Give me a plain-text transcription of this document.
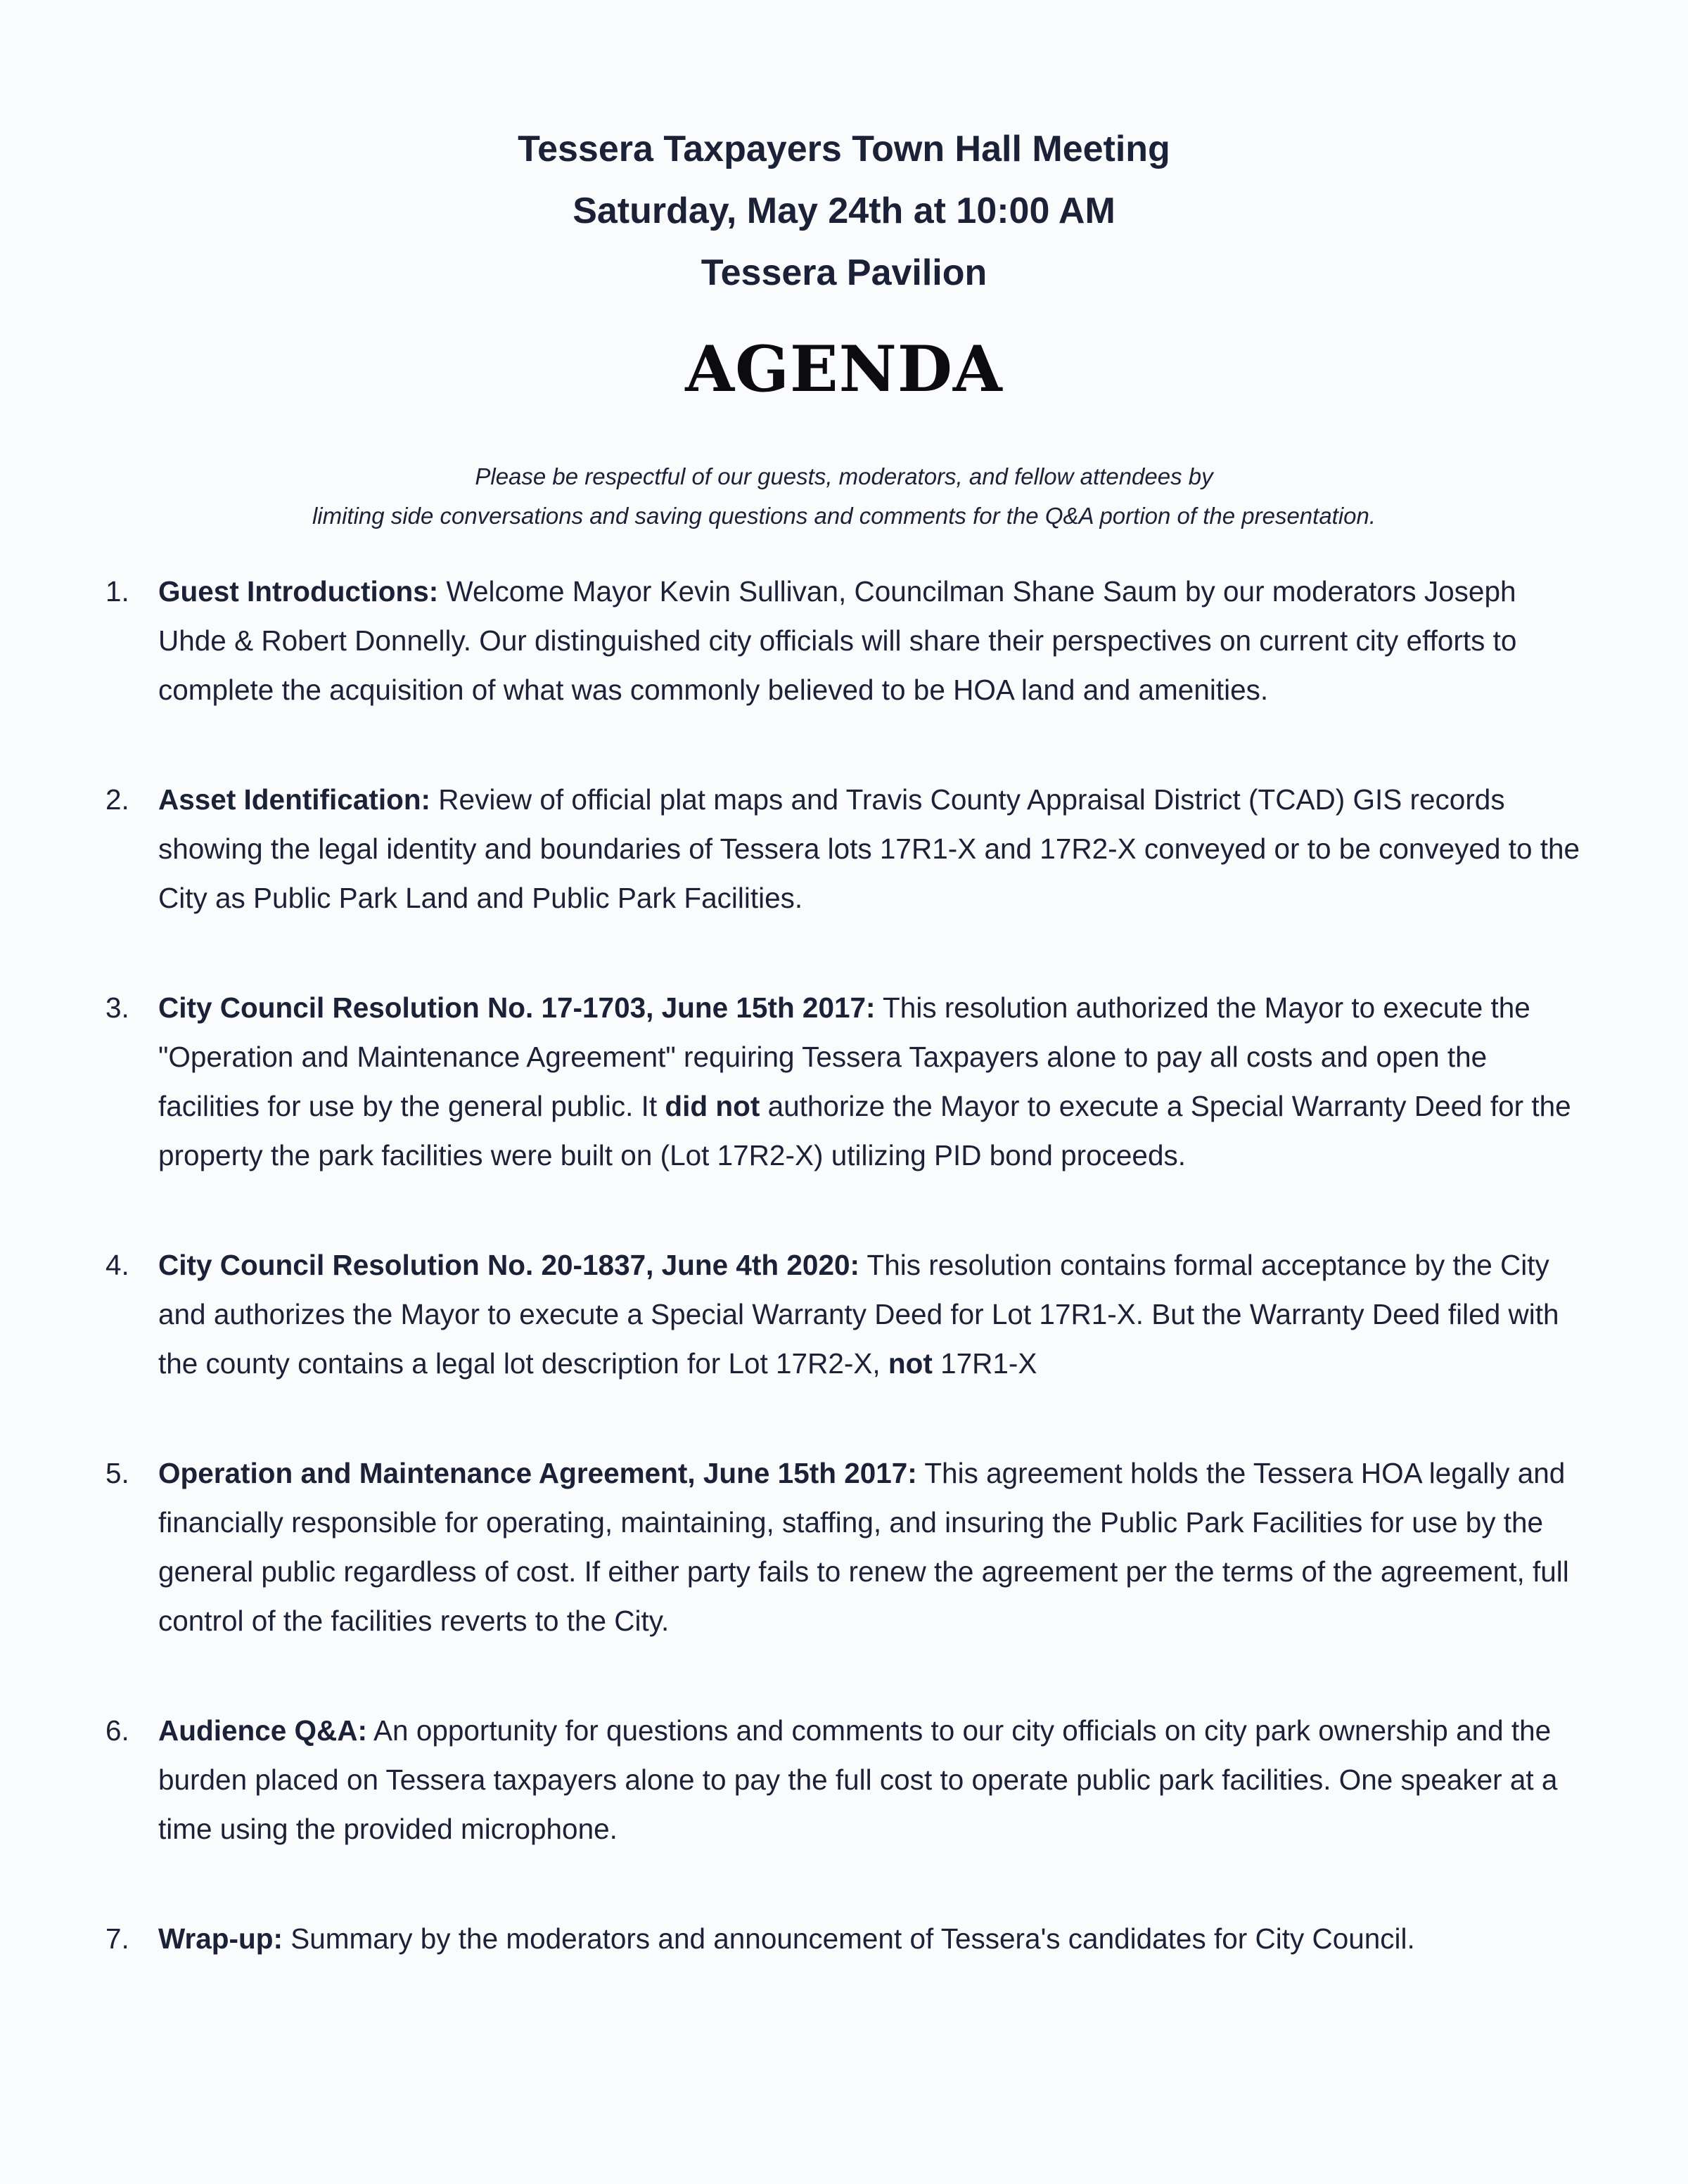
Tessera Taxpayers Town Hall Meeting
Saturday, May 24th at 10:00 AM
Tessera Pavilion
AGENDA
Please be respectful of our guests, moderators, and fellow attendees by
limiting side conversations and saving questions and comments for the Q&A portion of the presentation.
1. Guest Introductions: Welcome Mayor Kevin Sullivan, Councilman Shane Saum by our moderators Joseph Uhde & Robert Donnelly. Our distinguished city officials will share their perspectives on current city efforts to complete the acquisition of what was commonly believed to be HOA land and amenities.
2. Asset Identification: Review of official plat maps and Travis County Appraisal District (TCAD) GIS records showing the legal identity and boundaries of Tessera lots 17R1-X and 17R2-X conveyed or to be conveyed to the City as Public Park Land and Public Park Facilities.
3. City Council Resolution No. 17-1703, June 15th 2017: This resolution authorized the Mayor to execute the "Operation and Maintenance Agreement" requiring Tessera Taxpayers alone to pay all costs and open the facilities for use by the general public. It did not authorize the Mayor to execute a Special Warranty Deed for the property the park facilities were built on (Lot 17R2-X) utilizing PID bond proceeds.
4. City Council Resolution No. 20-1837, June 4th 2020: This resolution contains formal acceptance by the City and authorizes the Mayor to execute a Special Warranty Deed for Lot 17R1-X. But the Warranty Deed filed with the county contains a legal lot description for Lot 17R2-X, not 17R1-X
5. Operation and Maintenance Agreement, June 15th 2017: This agreement holds the Tessera HOA legally and financially responsible for operating, maintaining, staffing, and insuring the Public Park Facilities for use by the general public regardless of cost. If either party fails to renew the agreement per the terms of the agreement, full control of the facilities reverts to the City.
6. Audience Q&A: An opportunity for questions and comments to our city officials on city park ownership and the burden placed on Tessera taxpayers alone to pay the full cost to operate public park facilities. One speaker at a time using the provided microphone.
7. Wrap-up: Summary by the moderators and announcement of Tessera's candidates for City Council.
